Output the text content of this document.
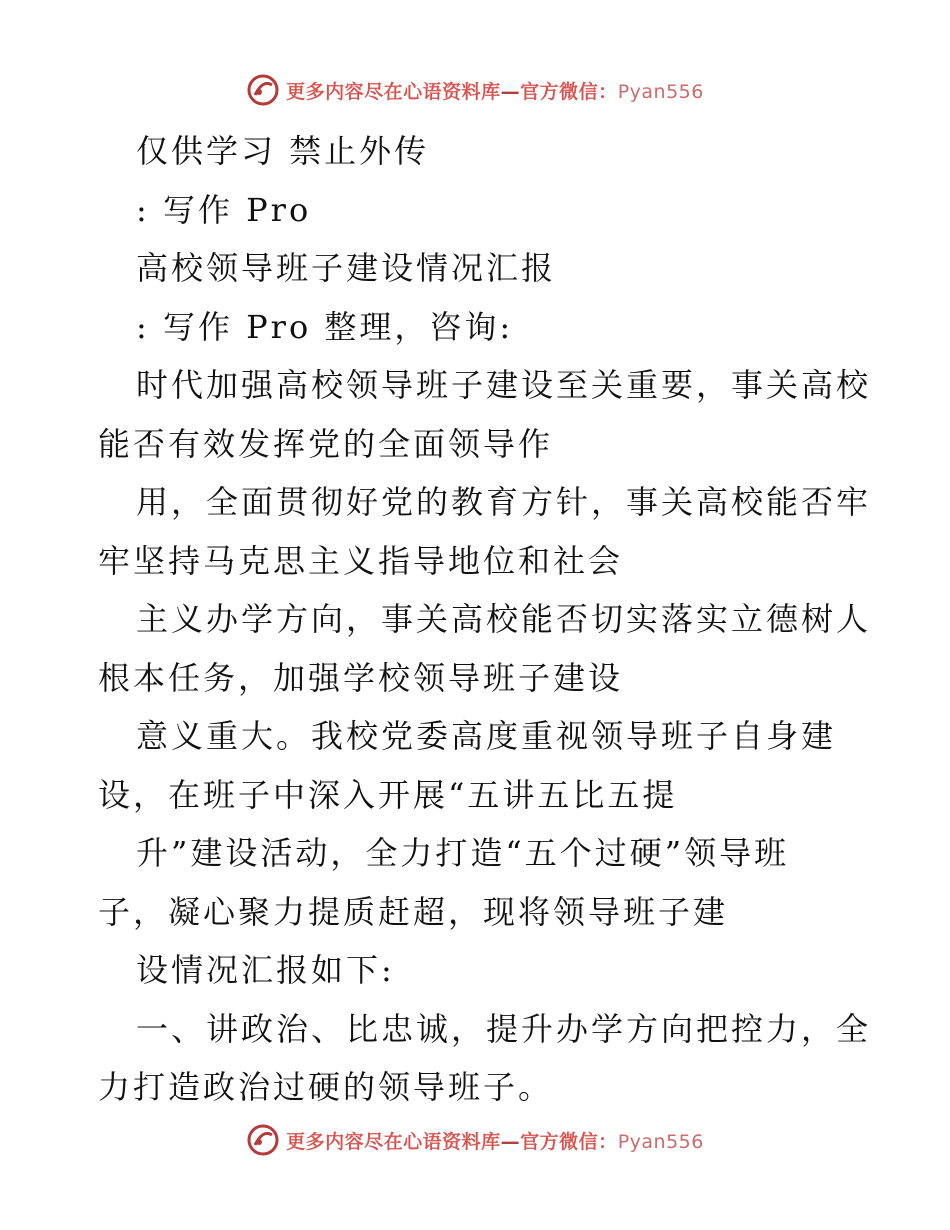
更多内容尽在心语资料库—官方微信：Pyan556
仅供学习 禁止外传
: 写作 Pro
高校领导班子建设情况汇报
: 写作 Pro 整理，咨询:
时代加强高校领导班子建设至关重要，事关高校
能否有效发挥党的全面领导作
用，全面贯彻好党的教育方针，事关高校能否牢
牢坚持马克思主义指导地位和社会
主义办学方向，事关高校能否切实落实立德树人
根本任务，加强学校领导班子建设
意义重大。我校党委高度重视领导班子自身建
设，在班子中深入开展“五讲五比五提
升”建设活动，全力打造“五个过硬”领导班
子，凝心聚力提质赶超，现将领导班子建
设情况汇报如下:
一、讲政治、比忠诚，提升办学方向把控力，全
力打造政治过硬的领导班子。
更多内容尽在心语资料库—官方微信：Pyan556
